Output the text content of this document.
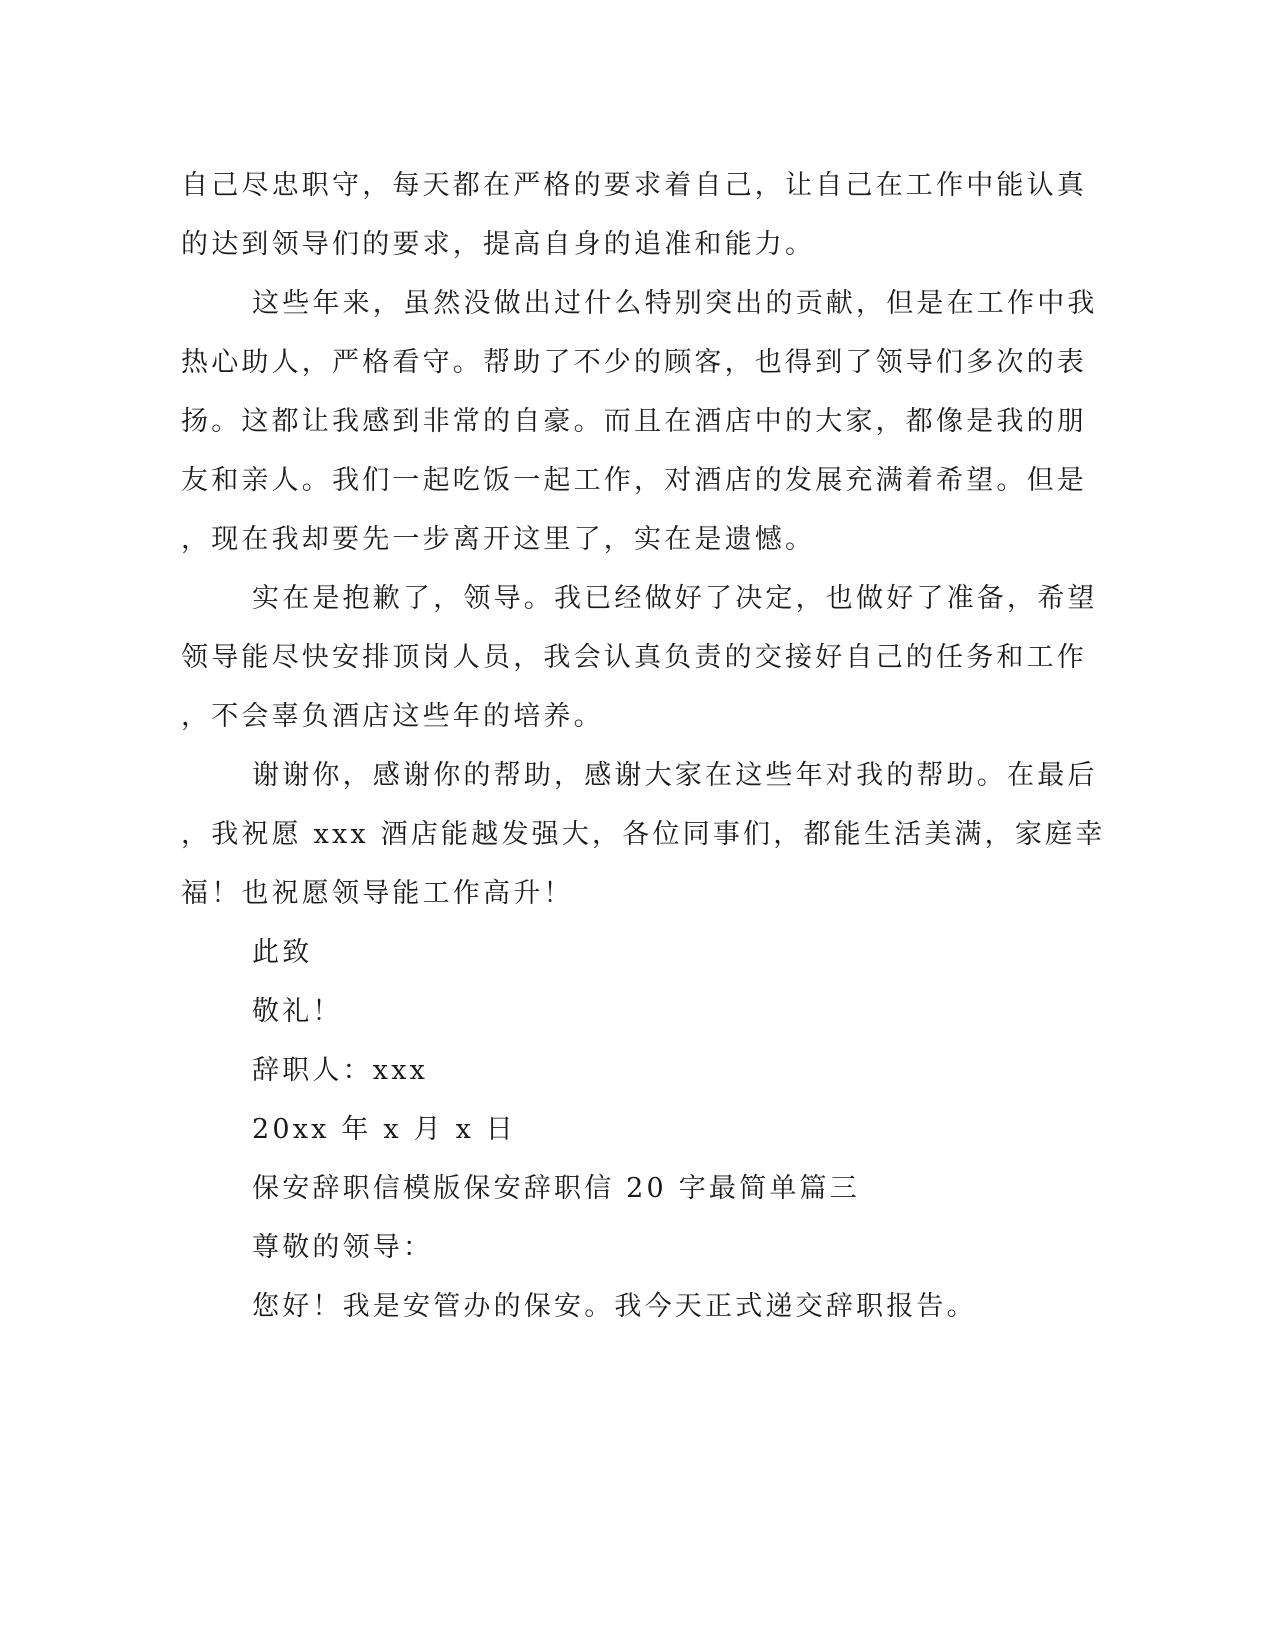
自己尽忠职守，每天都在严格的要求着自己，让自己在工作中能认真
的达到领导们的要求，提高自身的追准和能力。
这些年来，虽然没做出过什么特别突出的贡献，但是在工作中我
热心助人，严格看守。帮助了不少的顾客，也得到了领导们多次的表
扬。这都让我感到非常的自豪。而且在酒店中的大家，都像是我的朋
友和亲人。我们一起吃饭一起工作，对酒店的发展充满着希望。但是
，现在我却要先一步离开这里了，实在是遗憾。
实在是抱歉了，领导。我已经做好了决定，也做好了准备，希望
领导能尽快安排顶岗人员，我会认真负责的交接好自己的任务和工作
，不会辜负酒店这些年的培养。
谢谢你，感谢你的帮助，感谢大家在这些年对我的帮助。在最后
，我祝愿 xxx 酒店能越发强大，各位同事们，都能生活美满，家庭幸
福！也祝愿领导能工作高升！
此致
敬礼！
辞职人：xxx
20xx 年 x 月 x 日
保安辞职信模版保安辞职信 20 字最简单篇三
尊敬的领导：
您好！我是安管办的保安。我今天正式递交辞职报告。
